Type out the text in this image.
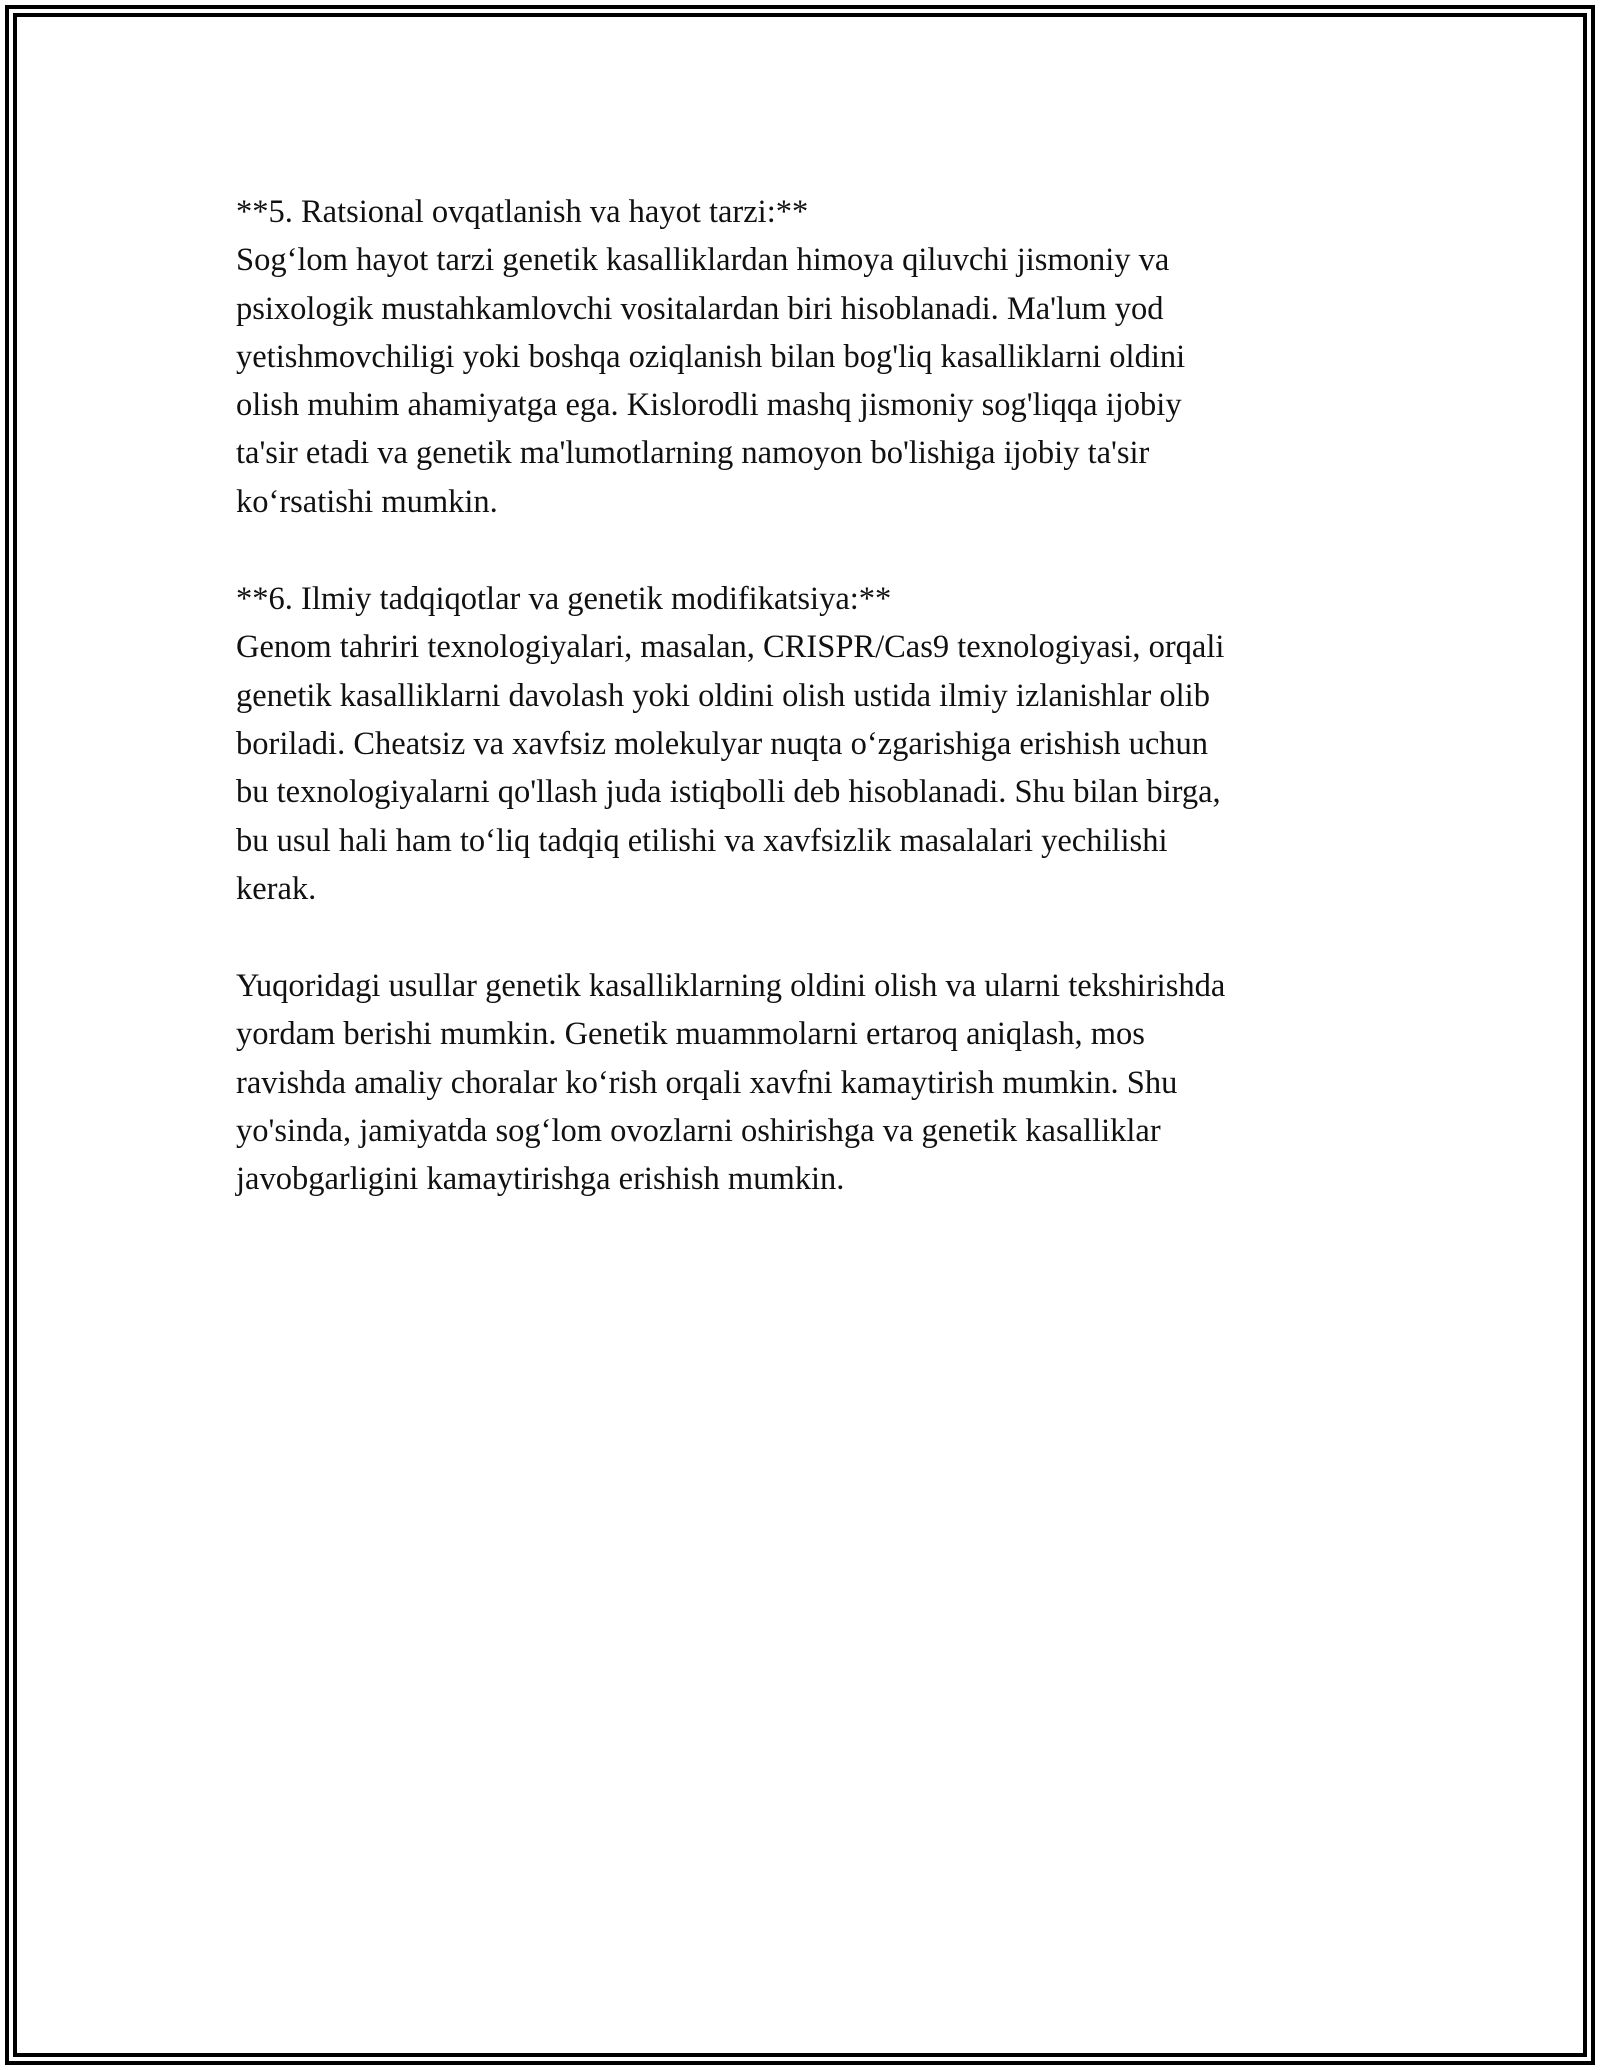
**5. Ratsional ovqatlanish va hayot tarzi:**

Sog‘lom hayot tarzi genetik kasalliklardan himoya qiluvchi jismoniy va
psixologik mustahkamlovchi vositalardan biri hisoblanadi. Ma'lum yod
yetishmovchiligi yoki boshqa oziqlanish bilan bog'liq kasalliklarni oldini
olish muhim ahamiyatga ega. Kislorodli mashq jismoniy sog'liqqa ijobiy
ta'sir etadi va genetik ma'lumotlarning namoyon bo'lishiga ijobiy ta'sir
ko‘rsatishi mumkin.

**6. Ilmiy tadqiqotlar va genetik modifikatsiya:**

Genom tahriri texnologiyalari, masalan, CRISPR/Cas9 texnologiyasi, orqali
genetik kasalliklarni davolash yoki oldini olish ustida ilmiy izlanishlar olib
boriladi. Cheatsiz va xavfsiz molekulyar nuqta o‘zgarishiga erishish uchun
bu texnologiyalarni qo'llash juda istiqbolli deb hisoblanadi. Shu bilan birga,
bu usul hali ham to‘liq tadqiq etilishi va xavfsizlik masalalari yechilishi
kerak.

Yuqoridagi usullar genetik kasalliklarning oldini olish va ularni tekshirishda
yordam berishi mumkin. Genetik muammolarni ertaroq aniqlash, mos
ravishda amaliy choralar ko‘rish orqali xavfni kamaytirish mumkin. Shu
yo'sinda, jamiyatda sog‘lom ovozlarni oshirishga va genetik kasalliklar
javobgarligini kamaytirishga erishish mumkin.
